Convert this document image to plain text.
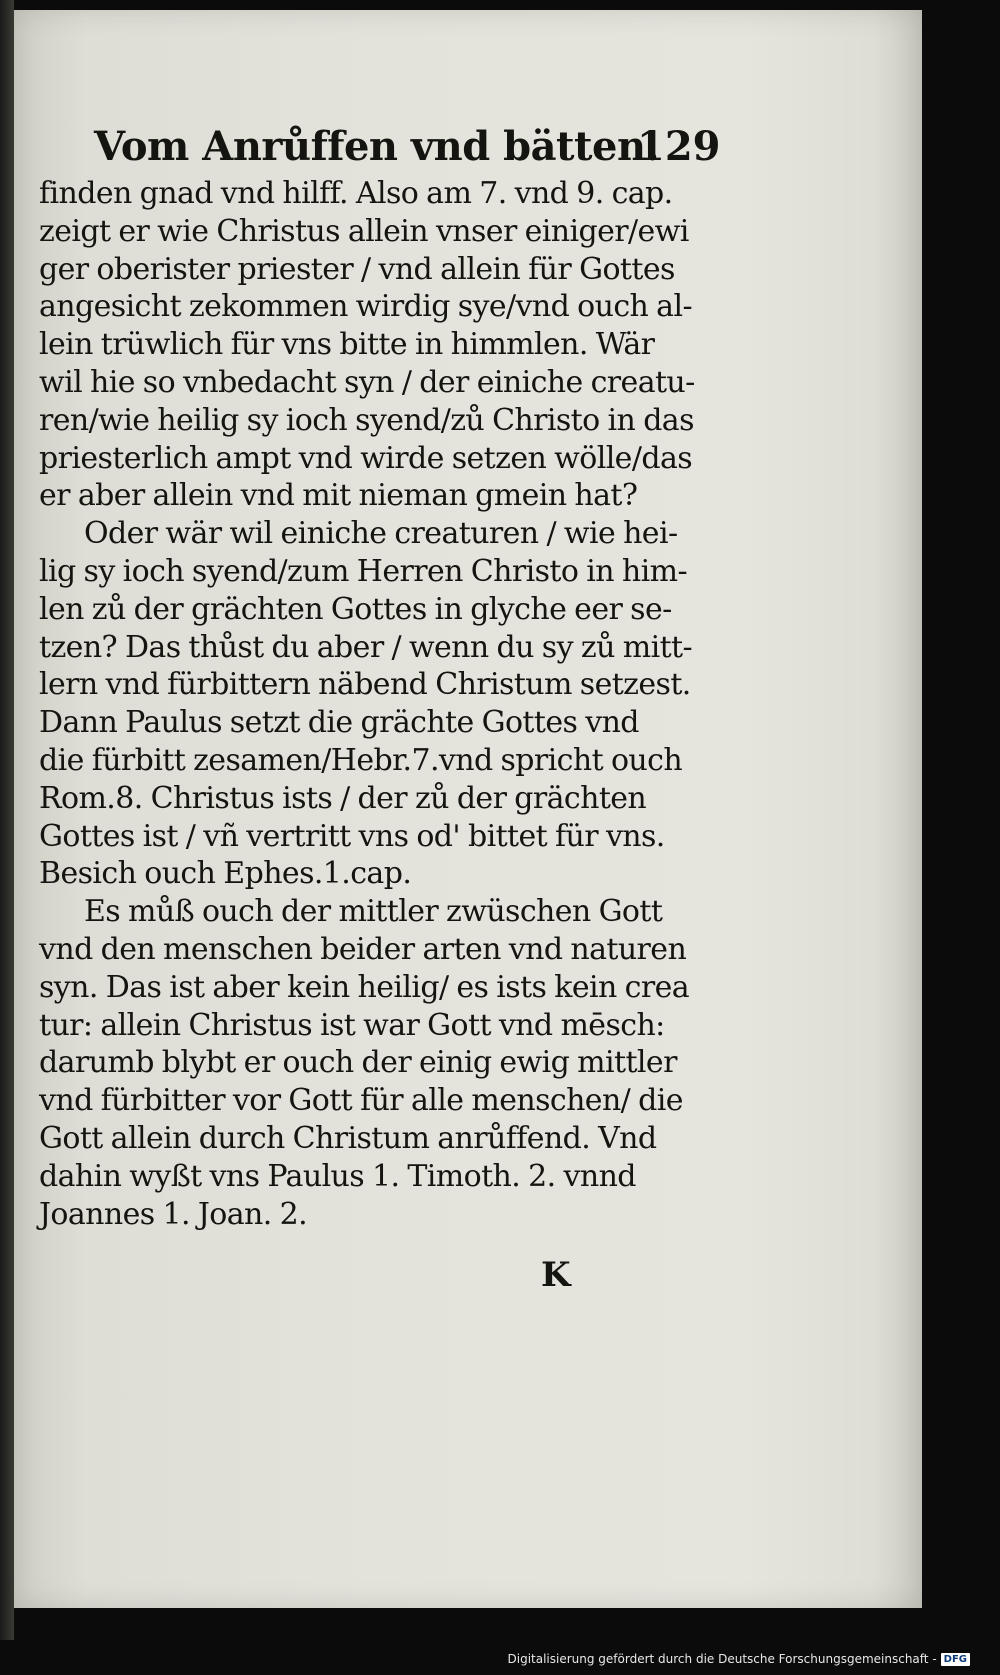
Vom Anrůffen vnd bätten.
129
finden gnad vnd hilff. Also am 7. vnd 9. cap.
zeigt er wie Christus allein vnser einiger/ewi
ger oberister priester / vnd allein für Gottes
angesicht zekommen wirdig sye/vnd ouch al-
lein trüwlich für vns bitte in himmlen. Wär
wil hie so vnbedacht syn / der einiche creatu-
ren/wie heilig sy ioch syend/zů Christo in das
priesterlich ampt vnd wirde setzen wölle/das
er aber allein vnd mit nieman gmein hat?
Oder wär wil einiche creaturen / wie hei-
lig sy ioch syend/zum Herren Christo in him-
len zů der grächten Gottes in glyche eer se-
tzen? Das thůst du aber / wenn du sy zů mitt-
lern vnd fürbittern näbend Christum setzest.
Dann Paulus setzt die grächte Gottes vnd
die fürbitt zesamen/Hebr.7.vnd spricht ouch
Rom.8. Christus ists / der zů der grächten
Gottes ist / vñ vertritt vns od' bittet für vns.
Besich ouch Ephes.1.cap.
Es můß ouch der mittler zwüschen Gott
vnd den menschen beider arten vnd naturen
syn. Das ist aber kein heilig/ es ists kein crea
tur: allein Christus ist war Gott vnd mēsch:
darumb blybt er ouch der einig ewig mittler
vnd fürbitter vor Gott für alle menschen/ die
Gott allein durch Christum anrůffend. Vnd
dahin wyßt vns Paulus 1. Timoth. 2. vnnd
Joannes 1. Joan. 2.
K
Digitalisierung gefördert durch die Deutsche Forschungsgemeinschaft - DFG
